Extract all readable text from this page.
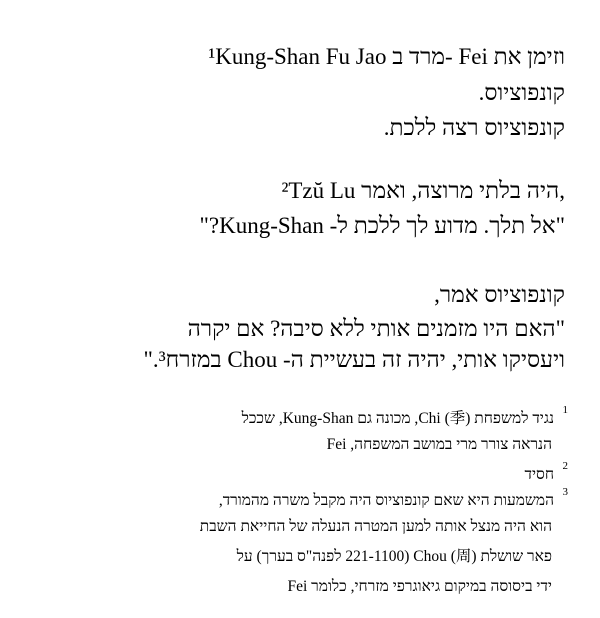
¹Kung-Shan Fu Jao מרד ב- Fei וזימן את
קונפוציוס.
קונפוציוס רצה ללכת.
²Tzŭ Lu היה בלתי מרוצה, ואמר,
"אל תלך. מדוע לך ללכת ל- Kung-Shan?"
קונפוציוס אמר,
"האם היו מזמנים אותי ללא סיבה? אם יקרה
ויעסיקו אותי, יהיה זה בעשיית ה- Chou במזרח³."
1
נגיד למשפחת Chi (季), מכונה גם Kung-Shan, שככל
הנראה צורר מרי במושב המשפחה, Fei
2
חסיד
3
המשמעות היא שאם קונפוציוס היה מקבל משרה מהמורד,
הוא היה מנצל אותה למען המטרה הנעלה של החייאת השבת
פאר שושלת Chou (周) (221-1100 לפנה"ס בערך) על
ידי ביסוסה במיקום גיאוגרפי מזרחי, כלומר Fei
